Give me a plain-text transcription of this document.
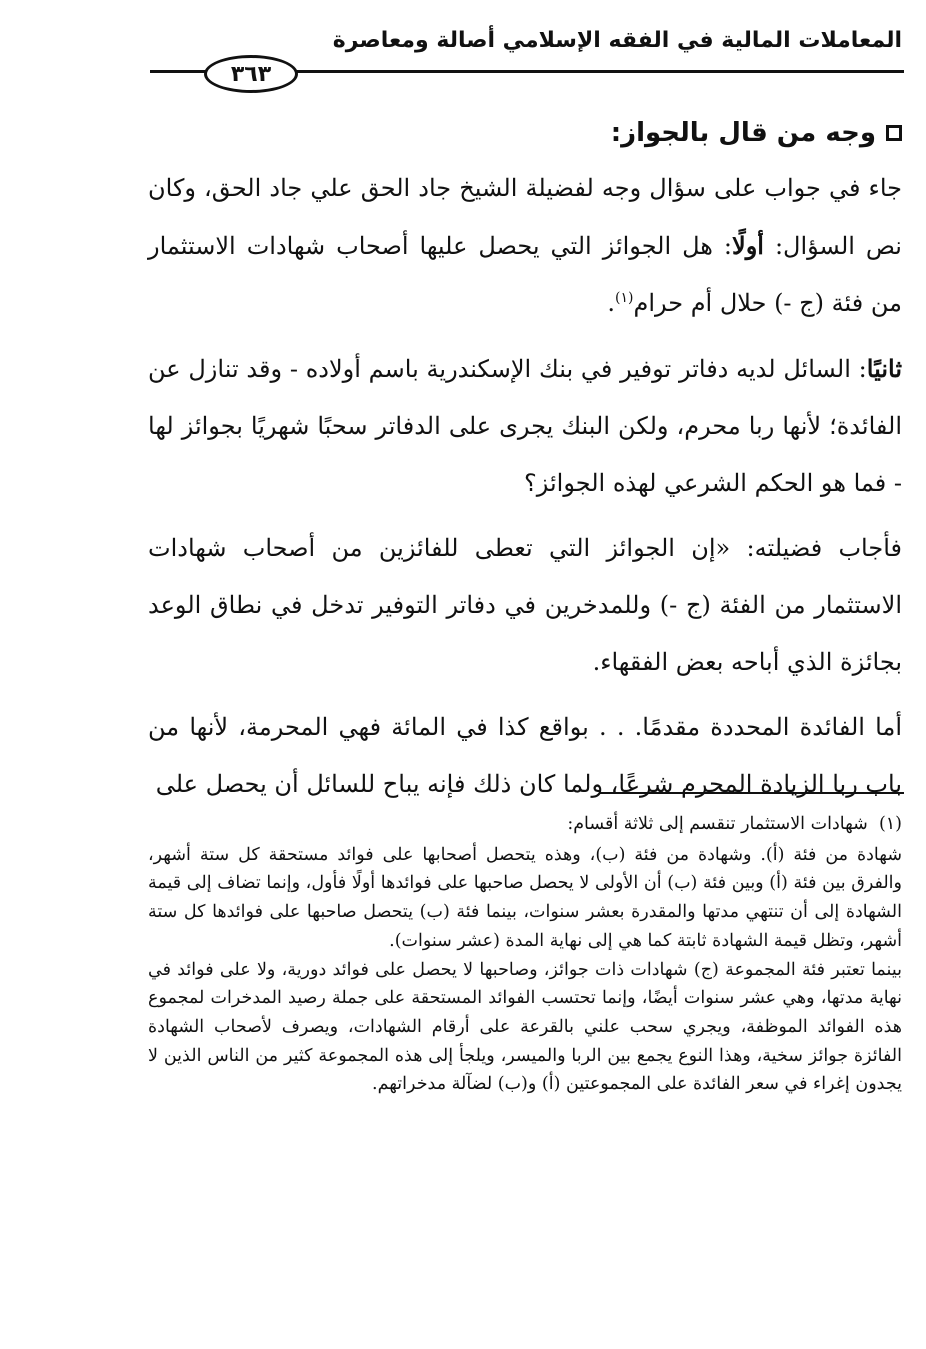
المعاملات المالية في الفقه الإسلامي أصالة ومعاصرة
٣٦٣
وجه من قال بالجواز:

جاء في جواب على سؤال وجه لفضيلة الشيخ جاد الحق علي جاد الحق، وكان نص السؤال: أولًا: هل الجوائز التي يحصل عليها أصحاب شهادات الاستثمار من فئة (ج -) حلال أم حرام$^{(١)}$.

ثانيًا: السائل لديه دفاتر توفير في بنك الإسكندرية باسم أولاده - وقد تنازل عن الفائدة؛ لأنها ربا محرم، ولكن البنك يجرى على الدفاتر سحبًا شهريًا بجوائز لها - فما هو الحكم الشرعي لهذه الجوائز؟

فأجاب فضيلته: «إن الجوائز التي تعطى للفائزين من أصحاب شهادات الاستثمار من الفئة (ج -) وللمدخرين في دفاتر التوفير تدخل في نطاق الوعد بجائزة الذي أباحه بعض الفقهاء.

أما الفائدة المحددة مقدمًا. . . بواقع كذا في المائة فهي المحرمة، لأنها من باب ربا الزيادة المحرم شرعًا، ولما كان ذلك فإنه يباح للسائل أن يحصل على

(١)  شهادات الاستثمار تنقسم إلى ثلاثة أقسام:

شهادة من فئة (أ). وشهادة من فئة (ب)، وهذه يتحصل أصحابها على فوائد مستحقة كل ستة أشهر، والفرق بين فئة (أ) وبين فئة (ب) أن الأولى لا يحصل صاحبها على فوائدها أولًا فأول، وإنما تضاف إلى قيمة الشهادة إلى أن تنتهي مدتها والمقدرة بعشر سنوات، بينما فئة (ب) يتحصل صاحبها على فوائدها كل ستة أشهر، وتظل قيمة الشهادة ثابتة كما هي إلى نهاية المدة (عشر سنوات).

بينما تعتبر فئة المجموعة (ج) شهادات ذات جوائز، وصاحبها لا يحصل على فوائد دورية، ولا على فوائد في نهاية مدتها، وهي عشر سنوات أيضًا، وإنما تحتسب الفوائد المستحقة على جملة رصيد المدخرات لمجموع هذه الفوائد الموظفة، ويجري سحب علني بالقرعة على أرقام الشهادات، ويصرف لأصحاب الشهادة الفائزة جوائز سخية، وهذا النوع يجمع بين الربا والميسر، ويلجأ إلى هذه المجموعة كثير من الناس الذين لا يجدون إغراء في سعر الفائدة على المجموعتين (أ) و(ب) لضآلة مدخراتهم.
